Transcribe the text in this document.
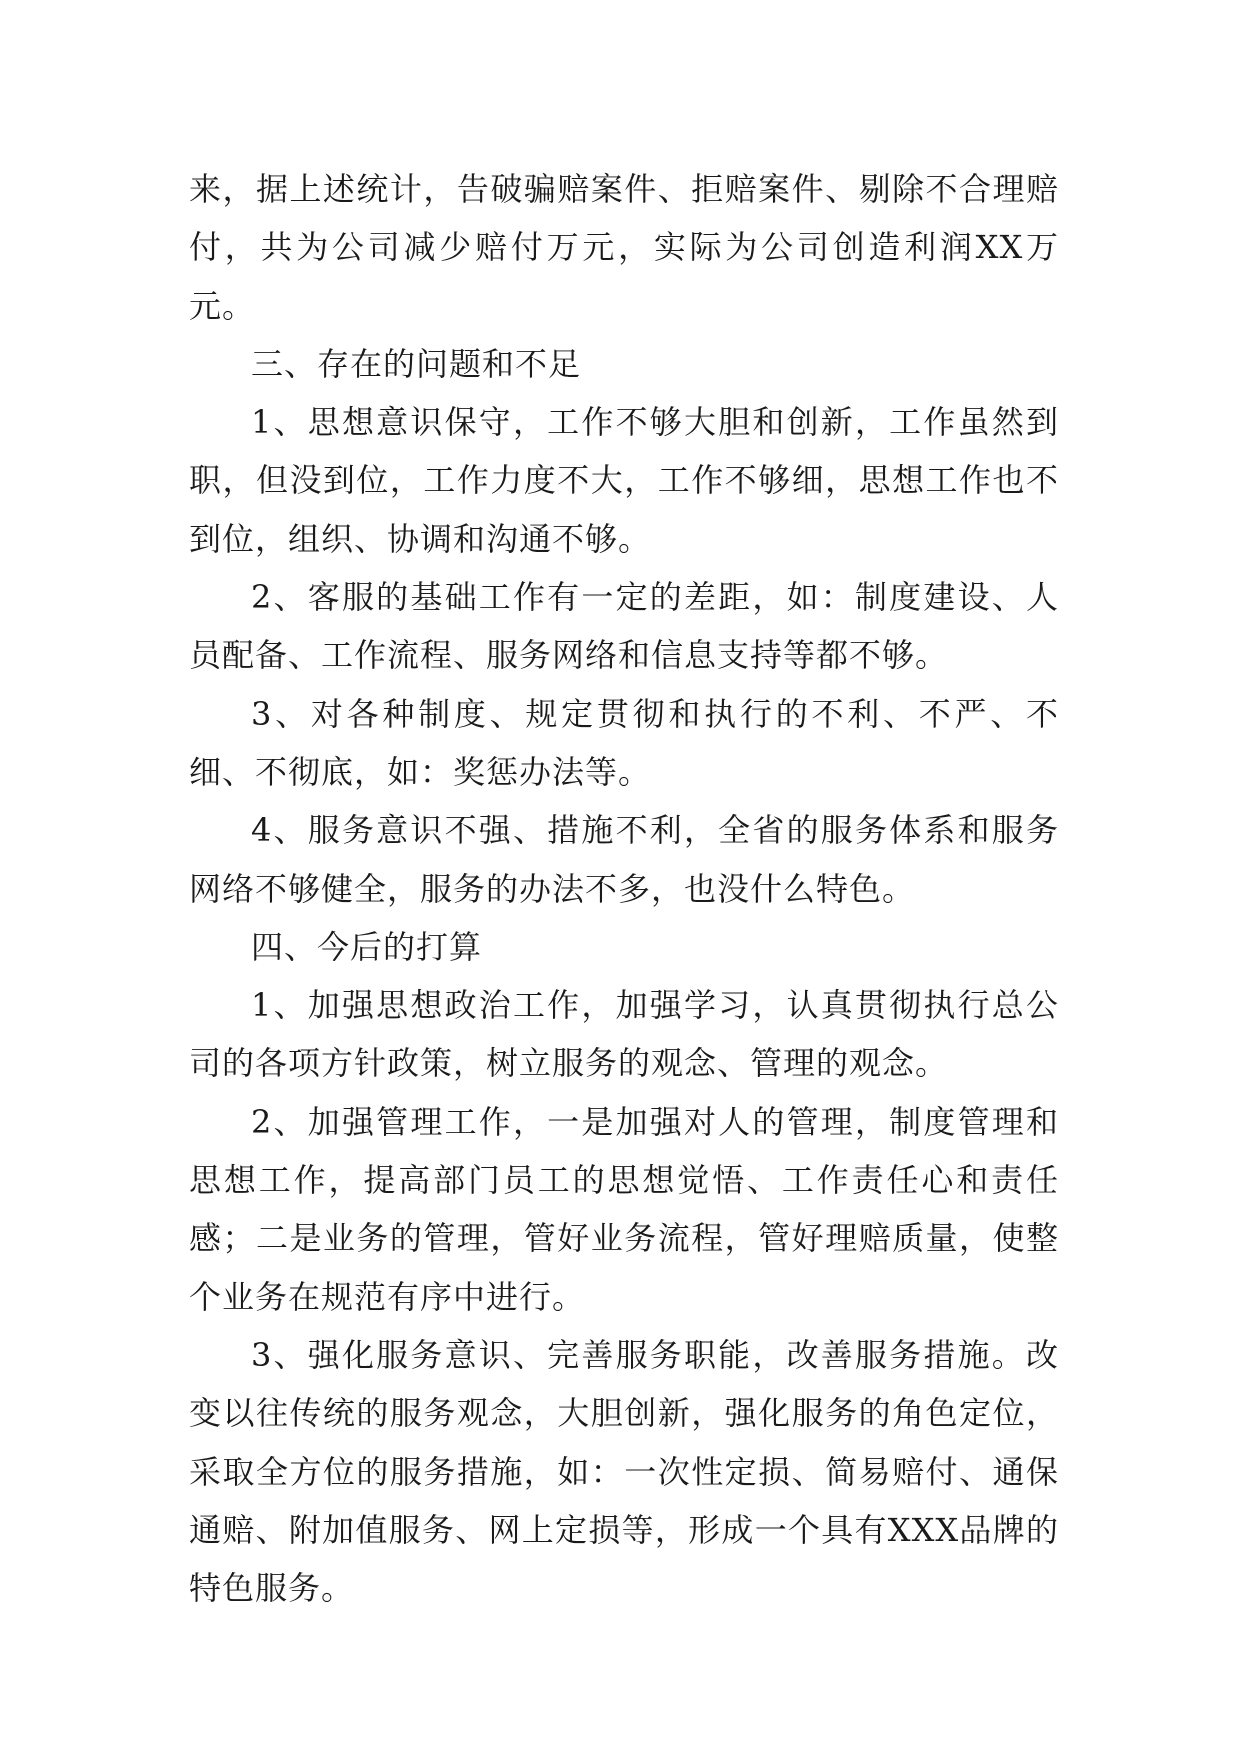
来，据上述统计，告破骗赔案件、拒赔案件、剔除不合理赔付，共为公司减少赔付万元，实际为公司创造利润XX万元。

三、存在的问题和不足

1、思想意识保守，工作不够大胆和创新，工作虽然到职，但没到位，工作力度不大，工作不够细，思想工作也不到位，组织、协调和沟通不够。

2、客服的基础工作有一定的差距，如：制度建设、人员配备、工作流程、服务网络和信息支持等都不够。

3、对各种制度、规定贯彻和执行的不利、不严、不细、不彻底，如：奖惩办法等。

4、服务意识不强、措施不利，全省的服务体系和服务网络不够健全，服务的办法不多，也没什么特色。

四、今后的打算

1、加强思想政治工作，加强学习，认真贯彻执行总公司的各项方针政策，树立服务的观念、管理的观念。

2、加强管理工作，一是加强对人的管理，制度管理和思想工作，提高部门员工的思想觉悟、工作责任心和责任感；二是业务的管理，管好业务流程，管好理赔质量，使整个业务在规范有序中进行。

3、强化服务意识、完善服务职能，改善服务措施。改变以往传统的服务观念，大胆创新，强化服务的角色定位，采取全方位的服务措施，如：一次性定损、简易赔付、通保通赔、附加值服务、网上定损等，形成一个具有XXX品牌的特色服务。
